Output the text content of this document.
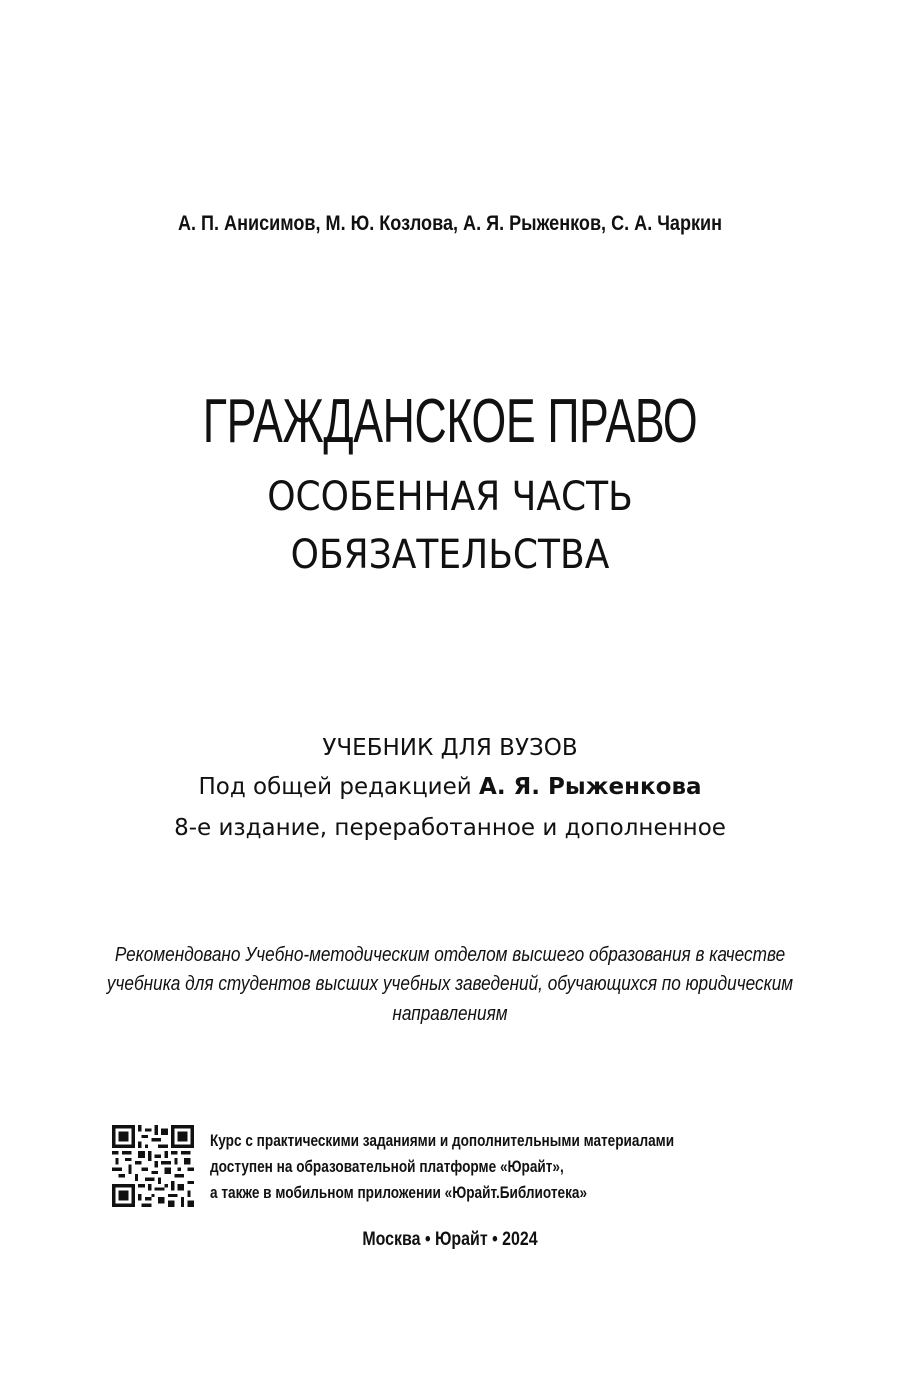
А. П. Анисимов, М. Ю. Козлова, А. Я. Рыженков, С. А. Чаркин
ГРАЖДАНСКОЕ ПРАВО
ОСОБЕННАЯ ЧАСТЬ
ОБЯЗАТЕЛЬСТВА
УЧЕБНИК ДЛЯ ВУЗОВ
Под общей редакцией А. Я. Рыженкова
8-е издание, переработанное и дополненное
Рекомендовано Учебно-методическим отделом высшего образования в качестве
учебника для студентов высших учебных заведений, обучающихся по юридическим
направлениям
Курс с практическими заданиями и дополнительными материалами
доступен на образовательной платформе «Юрайт»,
а также в мобильном приложении «Юрайт.Библиотека»
Москва • Юрайт • 2024
